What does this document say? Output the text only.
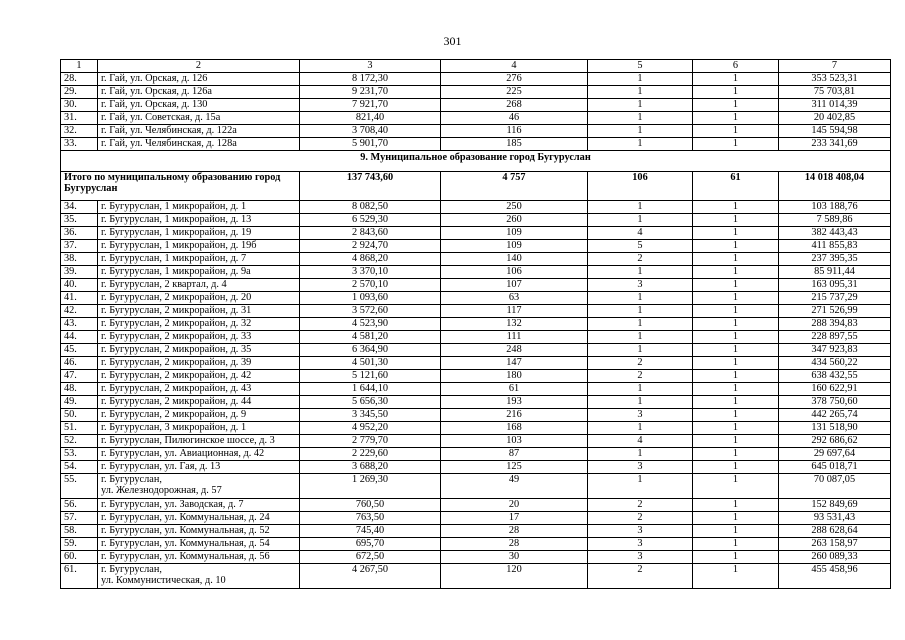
301
1	2	3	4	5	6	7
28.	г. Гай, ул. Орская, д. 126	8 172,30	276	1	1	353 523,31
29.	г. Гай, ул. Орская, д. 126а	9 231,70	225	1	1	75 703,81
30.	г. Гай, ул. Орская, д. 130	7 921,70	268	1	1	311 014,39
31.	г. Гай, ул. Советская, д. 15а	821,40	46	1	1	20 402,85
32.	г. Гай, ул. Челябинская, д. 122а	3 708,40	116	1	1	145 594,98
33.	г. Гай, ул. Челябинская, д. 128а	5 901,70	185	1	1	233 341,69
9. Муниципальное образование город Бугуруслан						
Итого по муниципальному образованию город Бугуруслан		137 743,60	4 757	106	61	14 018 408,04
34.	г. Бугуруслан, 1 микрорайон, д. 1	8 082,50	250	1	1	103 188,76
35.	г. Бугуруслан, 1 микрорайон, д. 13	6 529,30	260	1	1	7 589,86
36.	г. Бугуруслан, 1 микрорайон, д. 19	2 843,60	109	4	1	382 443,43
37.	г. Бугуруслан, 1 микрорайон, д. 19б	2 924,70	109	5	1	411 855,83
38.	г. Бугуруслан, 1 микрорайон, д. 7	4 868,20	140	2	1	237 395,35
39.	г. Бугуруслан, 1 микрорайон, д. 9а	3 370,10	106	1	1	85 911,44
40.	г. Бугуруслан, 2 квартал, д. 4	2 570,10	107	3	1	163 095,31
41.	г. Бугуруслан, 2 микрорайон, д. 20	1 093,60	63	1	1	215 737,29
42.	г. Бугуруслан, 2 микрорайон, д. 31	3 572,60	117	1	1	271 526,99
43.	г. Бугуруслан, 2 микрорайон, д. 32	4 523,90	132	1	1	288 394,83
44.	г. Бугуруслан, 2 микрорайон, д. 33	4 581,20	111	1	1	228 897,55
45.	г. Бугуруслан, 2 микрорайон, д. 35	6 364,90	248	1	1	347 923,83
46.	г. Бугуруслан, 2 микрорайон, д. 39	4 501,30	147	2	1	434 560,22
47.	г. Бугуруслан, 2 микрорайон, д. 42	5 121,60	180	2	1	638 432,55
48.	г. Бугуруслан, 2 микрорайон, д. 43	1 644,10	61	1	1	160 622,91
49.	г. Бугуруслан, 2 микрорайон, д. 44	5 656,30	193	1	1	378 750,60
50.	г. Бугуруслан, 2 микрорайон, д. 9	3 345,50	216	3	1	442 265,74
51.	г. Бугуруслан, 3 микрорайон, д. 1	4 952,20	168	1	1	131 518,90
52.	г. Бугуруслан, Пилюгинское шоссе, д. 3	2 779,70	103	4	1	292 686,62
53.	г. Бугуруслан, ул. Авиационная, д. 42	2 229,60	87	1	1	29 697,64
54.	г. Бугуруслан, ул. Гая, д. 13	3 688,20	125	3	1	645 018,71
55.	г. Бугуруслан,
ул. Железнодорожная, д. 57	1 269,30	49	1	1	70 087,05
56.	г. Бугуруслан, ул. Заводская, д. 7	760,50	20	2	1	152 849,69
57.	г. Бугуруслан, ул. Коммунальная, д. 24	763,50	17	2	1	93 531,43
58.	г. Бугуруслан, ул. Коммунальная, д. 52	745,40	28	3	1	288 628,64
59.	г. Бугуруслан, ул. Коммунальная, д. 54	695,70	28	3	1	263 158,97
60.	г. Бугуруслан, ул. Коммунальная, д. 56	672,50	30	3	1	260 089,33
61.	г. Бугуруслан,
ул. Коммунистическая, д. 10	4 267,50	120	2	1	455 458,96
